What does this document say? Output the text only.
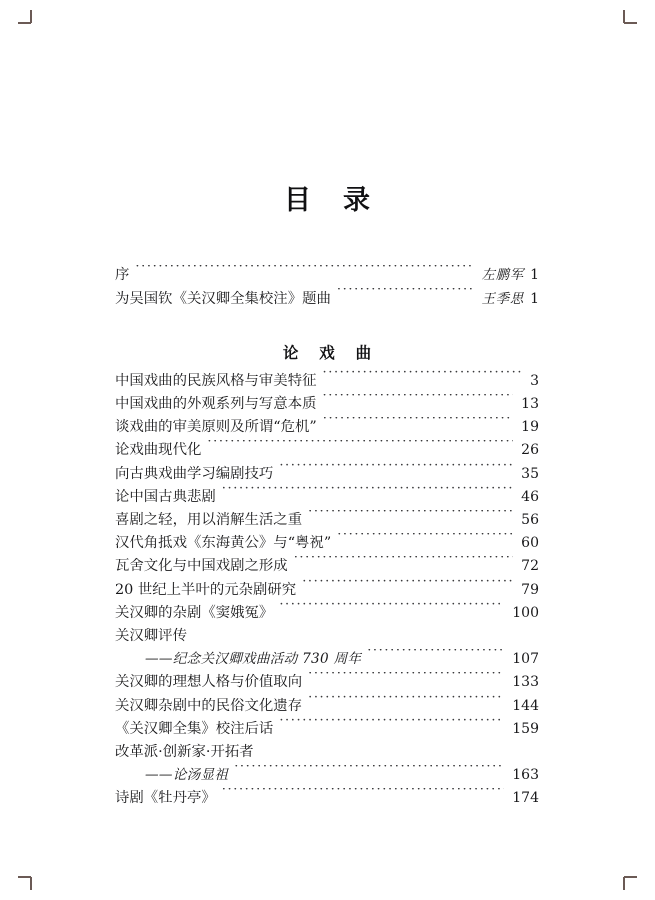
目 录
序 ·····	左鹏军 1
为吴国钦《关汉卿全集校注》题曲 ·····	王季思 1
论 戏 曲
中国戏曲的民族风格与审美特征 ·····	3
中国戏曲的外观系列与写意本质 ·····	13
谈戏曲的审美原则及所谓“危机” ·····	19
论戏曲现代化 ·····	26
向古典戏曲学习编剧技巧 ·····	35
论中国古典悲剧 ·····	46
喜剧之轻，用以消解生活之重 ·····	56
汉代角抵戏《东海黄公》与“粤祝” ·····	60
瓦舍文化与中国戏剧之形成 ·····	72
20 世纪上半叶的元杂剧研究 ·····	79
关汉卿的杂剧《窦娥冤》 ·····	100
关汉卿评传
——纪念关汉卿戏曲活动 730 周年 ·····	107
关汉卿的理想人格与价值取向 ·····	133
关汉卿杂剧中的民俗文化遗存 ·····	144
《关汉卿全集》校注后话 ·····	159
改革派·创新家·开拓者
——论汤显祖 ·····	163
诗剧《牡丹亭》 ·····	174
